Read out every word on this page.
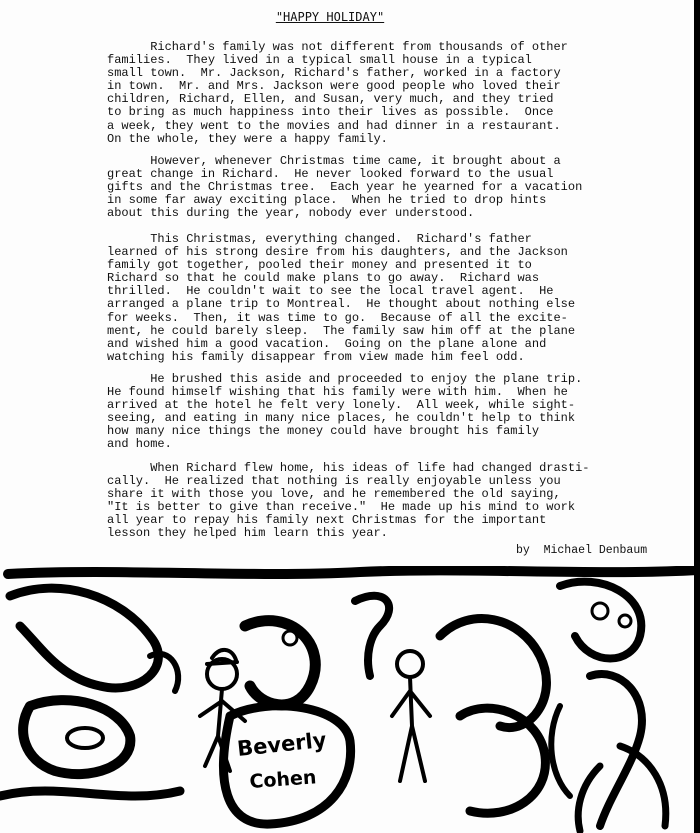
"HAPPY HOLIDAY"

Richard's family was not different from thousands of other
families.  They lived in a typical small house in a typical
small town.  Mr. Jackson, Richard's father, worked in a factory
in town.  Mr. and Mrs. Jackson were good people who loved their
children, Richard, Ellen, and Susan, very much, and they tried
to bring as much happiness into their lives as possible.  Once
a week, they went to the movies and had dinner in a restaurant.
On the whole, they were a happy family.

However, whenever Christmas time came, it brought about a
great change in Richard.  He never looked forward to the usual
gifts and the Christmas tree.  Each year he yearned for a vacation
in some far away exciting place.  When he tried to drop hints
about this during the year, nobody ever understood.

This Christmas, everything changed.  Richard's father
learned of his strong desire from his daughters, and the Jackson
family got together, pooled their money and presented it to
Richard so that he could make plans to go away.  Richard was
thrilled.  He couldn't wait to see the local travel agent.  He
arranged a plane trip to Montreal.  He thought about nothing else
for weeks.  Then, it was time to go.  Because of all the excite-
ment, he could barely sleep.  The family saw him off at the plane
and wished him a good vacation.  Going on the plane alone and
watching his family disappear from view made him feel odd.

He brushed this aside and proceeded to enjoy the plane trip.
He found himself wishing that his family were with him.  When he
arrived at the hotel he felt very lonely.  All week, while sight-
seeing, and eating in many nice places, he couldn't help to think
how many nice things the money could have brought his family
and home.

When Richard flew home, his ideas of life had changed drasti-
cally.  He realized that nothing is really enjoyable unless you
share it with those you love, and he remembered the old saying,
"It is better to give than receive."  He made up his mind to work
all year to repay his family next Christmas for the important
lesson they helped him learn this year.

by  Michael Denbaum
Beverly
Cohen
